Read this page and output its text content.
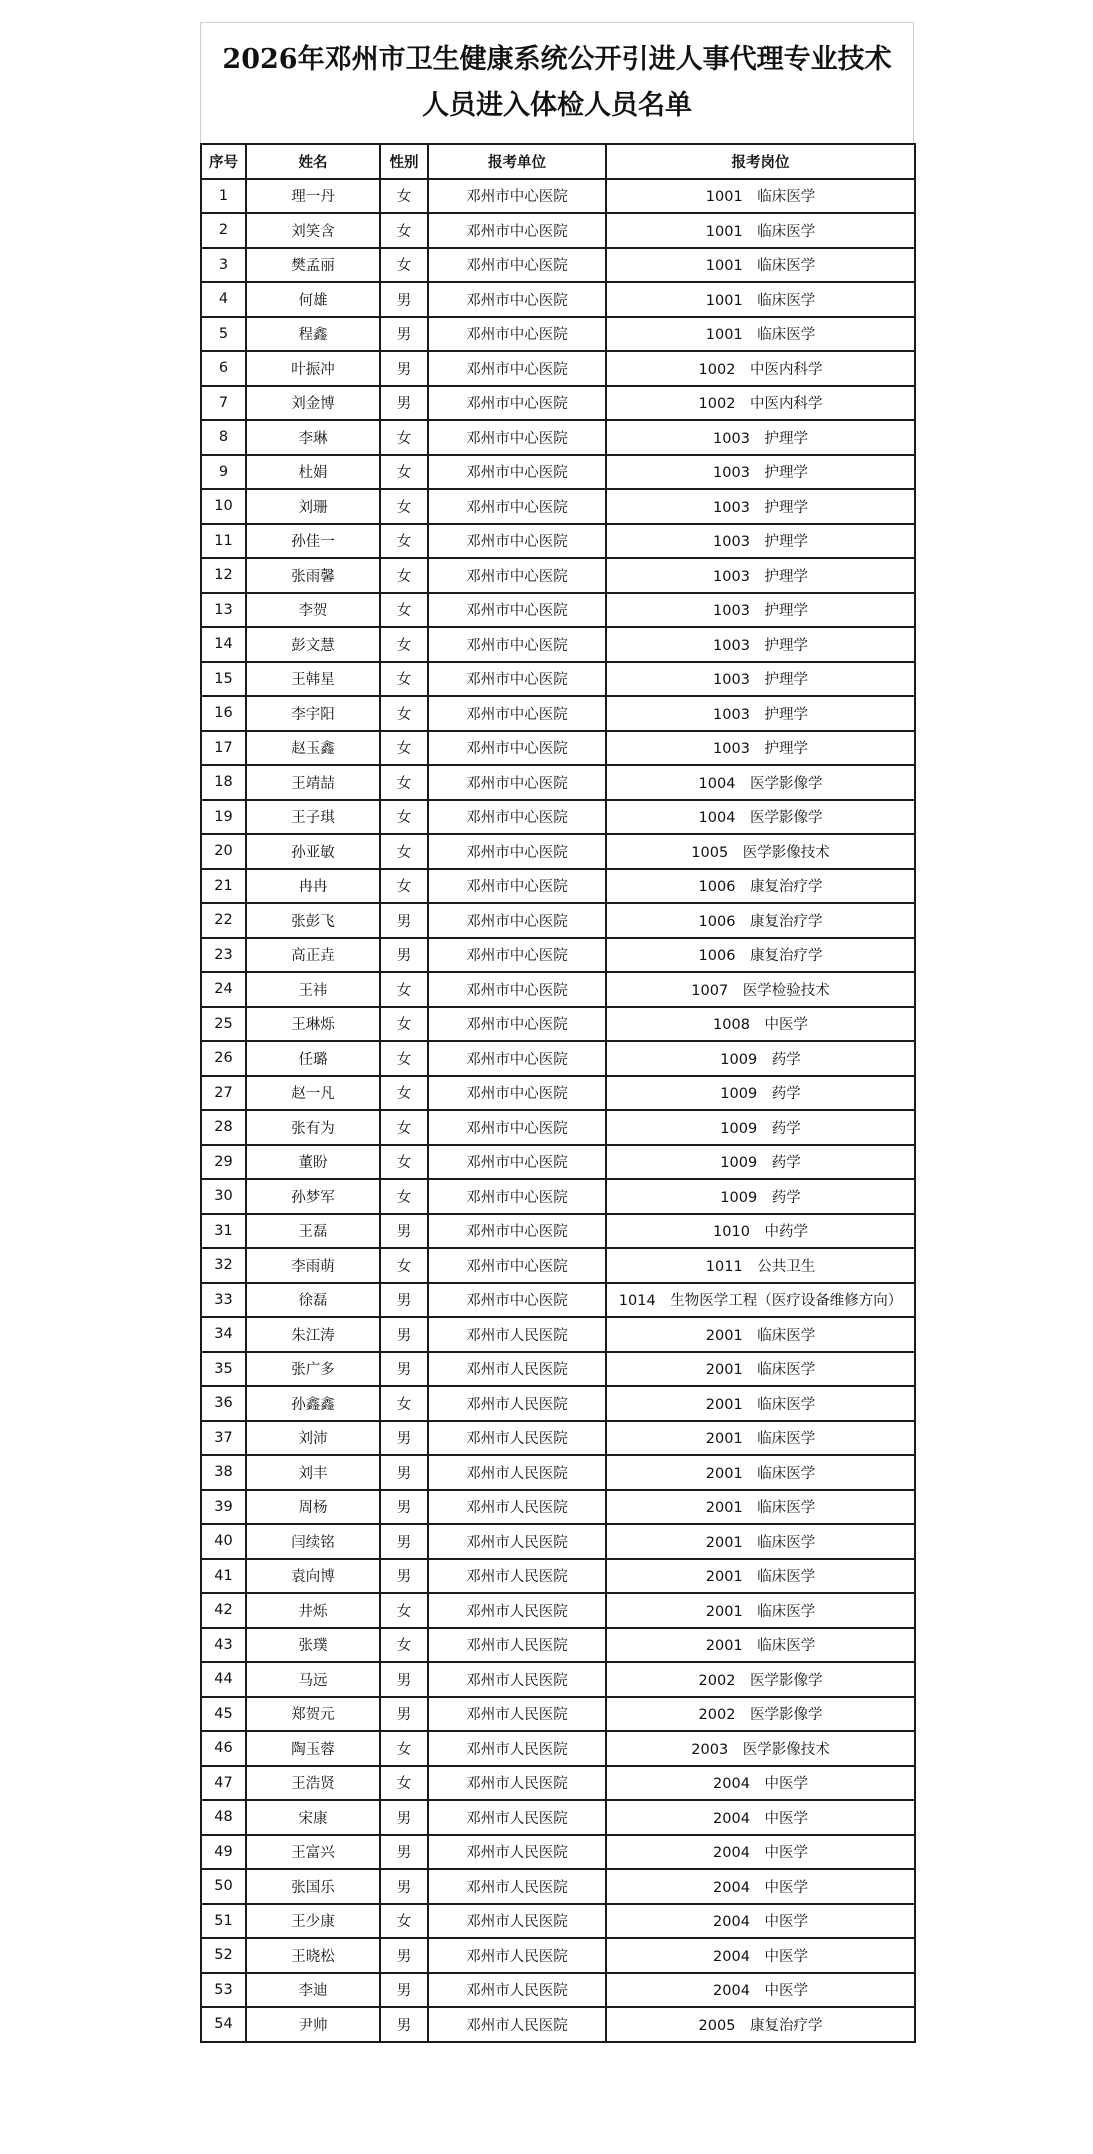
2026年邓州市卫生健康系统公开引进人事代理专业技术人员进入体检人员名单
序号	姓名	性别	报考单位	报考岗位
1	理一丹	女	邓州市中心医院	1001　临床医学
2	刘笑含	女	邓州市中心医院	1001　临床医学
3	樊孟丽	女	邓州市中心医院	1001　临床医学
4	何雄	男	邓州市中心医院	1001　临床医学
5	程鑫	男	邓州市中心医院	1001　临床医学
6	叶振冲	男	邓州市中心医院	1002　中医内科学
7	刘金博	男	邓州市中心医院	1002　中医内科学
8	李琳	女	邓州市中心医院	1003　护理学
9	杜娟	女	邓州市中心医院	1003　护理学
10	刘珊	女	邓州市中心医院	1003　护理学
11	孙佳一	女	邓州市中心医院	1003　护理学
12	张雨馨	女	邓州市中心医院	1003　护理学
13	李贺	女	邓州市中心医院	1003　护理学
14	彭文慧	女	邓州市中心医院	1003　护理学
15	王韩星	女	邓州市中心医院	1003　护理学
16	李宇阳	女	邓州市中心医院	1003　护理学
17	赵玉鑫	女	邓州市中心医院	1003　护理学
18	王靖喆	女	邓州市中心医院	1004　医学影像学
19	王子琪	女	邓州市中心医院	1004　医学影像学
20	孙亚敏	女	邓州市中心医院	1005　医学影像技术
21	冉冉	女	邓州市中心医院	1006　康复治疗学
22	张彭飞	男	邓州市中心医院	1006　康复治疗学
23	高正垚	男	邓州市中心医院	1006　康复治疗学
24	王祎	女	邓州市中心医院	1007　医学检验技术
25	王琳烁	女	邓州市中心医院	1008　中医学
26	任璐	女	邓州市中心医院	1009　药学
27	赵一凡	女	邓州市中心医院	1009　药学
28	张有为	女	邓州市中心医院	1009　药学
29	董盼	女	邓州市中心医院	1009　药学
30	孙梦军	女	邓州市中心医院	1009　药学
31	王磊	男	邓州市中心医院	1010　中药学
32	李雨萌	女	邓州市中心医院	1011　公共卫生
33	徐磊	男	邓州市中心医院	1014　生物医学工程（医疗设备维修方向）
34	朱江涛	男	邓州市人民医院	2001　临床医学
35	张广多	男	邓州市人民医院	2001　临床医学
36	孙鑫鑫	女	邓州市人民医院	2001　临床医学
37	刘沛	男	邓州市人民医院	2001　临床医学
38	刘丰	男	邓州市人民医院	2001　临床医学
39	周杨	男	邓州市人民医院	2001　临床医学
40	闫续铭	男	邓州市人民医院	2001　临床医学
41	袁向博	男	邓州市人民医院	2001　临床医学
42	井烁	女	邓州市人民医院	2001　临床医学
43	张璞	女	邓州市人民医院	2001　临床医学
44	马远	男	邓州市人民医院	2002　医学影像学
45	郑贺元	男	邓州市人民医院	2002　医学影像学
46	陶玉蓉	女	邓州市人民医院	2003　医学影像技术
47	王浩贤	女	邓州市人民医院	2004　中医学
48	宋康	男	邓州市人民医院	2004　中医学
49	王富兴	男	邓州市人民医院	2004　中医学
50	张国乐	男	邓州市人民医院	2004　中医学
51	王少康	女	邓州市人民医院	2004　中医学
52	王晓松	男	邓州市人民医院	2004　中医学
53	李迪	男	邓州市人民医院	2004　中医学
54	尹帅	男	邓州市人民医院	2005　康复治疗学
